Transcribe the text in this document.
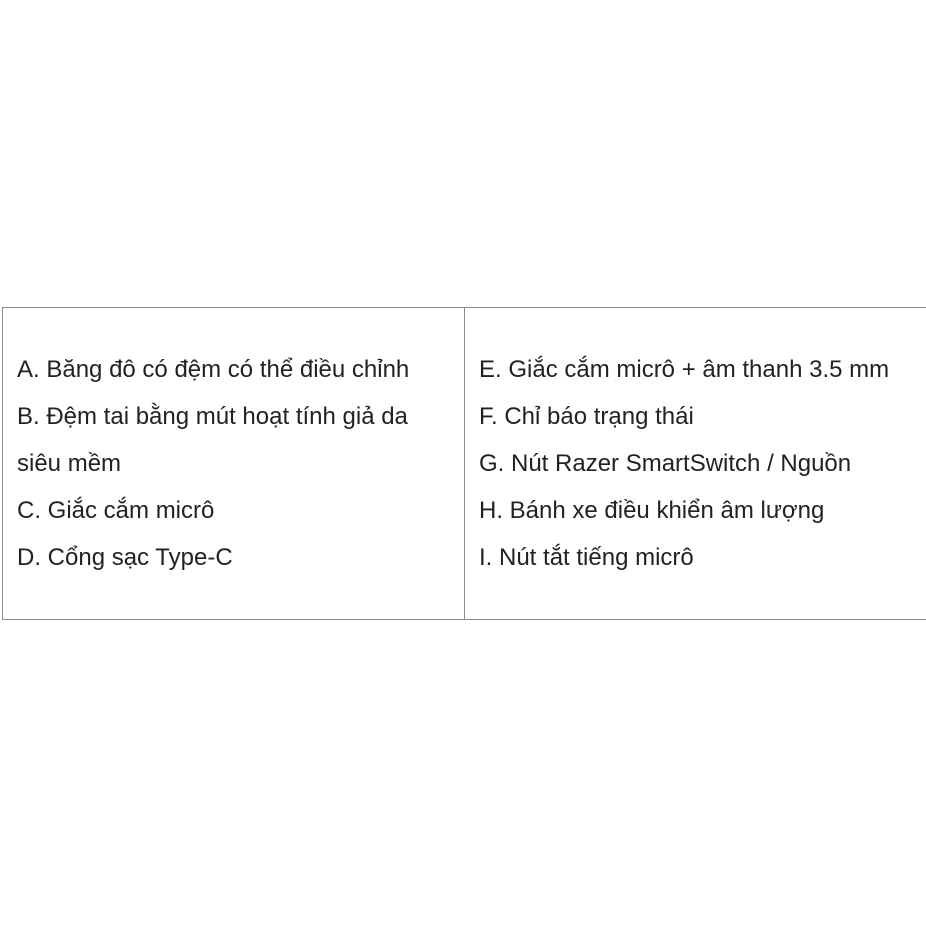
A. Băng đô có đệm có thể điều chỉnh
B. Đệm tai bằng mút hoạt tính giả da siêu mềm
C. Giắc cắm micrô
D. Cổng sạc Type-C
E. Giắc cắm micrô + âm thanh 3.5 mm
F. Chỉ báo trạng thái
G. Nút Razer SmartSwitch / Nguồn
H. Bánh xe điều khiển âm lượng
I. Nút tắt tiếng micrô
